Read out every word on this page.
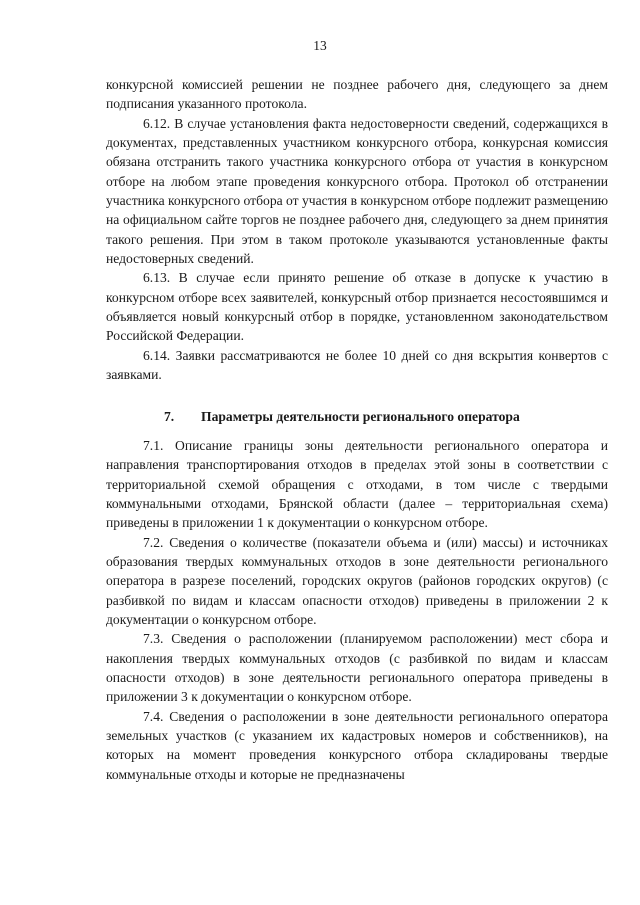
13

конкурсной комиссией решении не позднее рабочего дня, следующего за днем подписания указанного протокола.

6.12. В случае установления факта недостоверности сведений, содержащихся в документах, представленных участником конкурсного отбора, конкурсная комиссия обязана отстранить такого участника конкурсного отбора от участия в конкурсном отборе на любом этапе проведения конкурсного отбора. Протокол об отстранении участника конкурсного отбора от участия в конкурсном отборе подлежит размещению на официальном сайте торгов не позднее рабочего дня, следующего за днем принятия такого решения. При этом в таком протоколе указываются установленные факты недостоверных сведений.

6.13. В случае если принято решение об отказе в допуске к участию в конкурсном отборе всех заявителей, конкурсный отбор признается несостоявшимся и объявляется новый конкурсный отбор в порядке, установленном законодательством Российской Федерации.

6.14. Заявки рассматриваются не более 10 дней со дня вскрытия конвертов с заявками.

7. Параметры деятельности регионального оператора

7.1. Описание границы зоны деятельности регионального оператора и направления транспортирования отходов в пределах этой зоны в соответствии с территориальной схемой обращения с отходами, в том числе с твердыми коммунальными отходами, Брянской области (далее – территориальная схема) приведены в приложении 1 к документации о конкурсном отборе.

7.2. Сведения о количестве (показатели объема и (или) массы) и источниках образования твердых коммунальных отходов в зоне деятельности регионального оператора в разрезе поселений, городских округов (районов городских округов) (с разбивкой по видам и классам опасности отходов) приведены в приложении 2 к документации о конкурсном отборе.

7.3. Сведения о расположении (планируемом расположении) мест сбора и накопления твердых коммунальных отходов (с разбивкой по видам и классам опасности отходов) в зоне деятельности регионального оператора приведены в приложении 3 к документации о конкурсном отборе.

7.4. Сведения о расположении в зоне деятельности регионального оператора земельных участков (с указанием их кадастровых номеров и собственников), на которых на момент проведения конкурсного отбора складированы твердые коммунальные отходы и которые не предназначены
